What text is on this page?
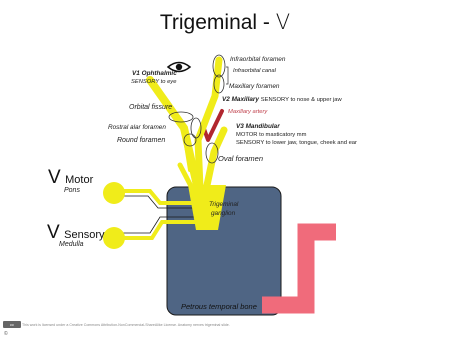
Trigeminal - V
Infraorbital foramen
Infraorbital canal
Maxillary foramen
V1 Ophthalmic
SENSORY to eye
V2 Maxillary SENSORY to nose & upper jaw
Maxillary artery
Orbital fissure
Rostral alar foramen
Round foramen
V3 Mandibular
MOTOR to masticatory mm
SENSORY to lower jaw, tongue, cheek and ear
Oval foramen
Trigeminal
ganglion
Petrous temporal bone
V Motor
Pons
V Sensory
Medulla
cc	This work is licensed under a Creative Commons Attribution-NonCommercial-ShareAlike License. Anatomy nerves trigeminal slide.
©
